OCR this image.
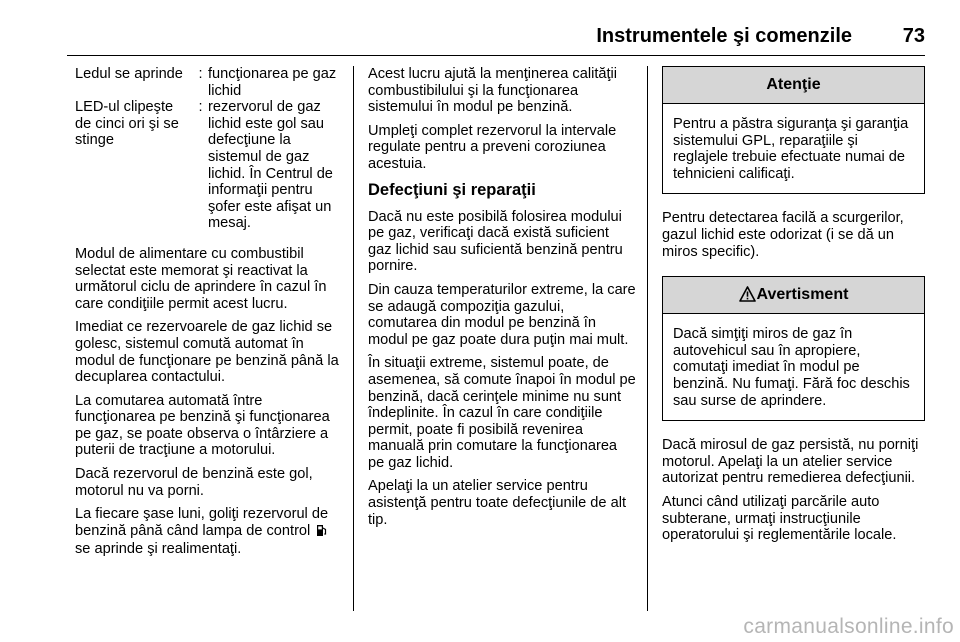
Instrumentele şi comenzile	73
Ledul se aprinde	:	funcţionarea pe gaz lichid
LED-ul clipeşte de cinci ori şi se stinge	:	rezervorul de gaz lichid este gol sau defecţiune la sistemul de gaz lichid. În Centrul de informaţii pentru şofer este afişat un mesaj.

Modul de alimentare cu combustibil selectat este memorat şi reactivat la următorul ciclu de aprindere în cazul în care condiţiile permit acest lucru.

Imediat ce rezervoarele de gaz lichid se golesc, sistemul comută automat în modul de funcţionare pe benzină până la decuplarea contactului.

La comutarea automată între funcţionarea pe benzină şi funcţionarea pe gaz, se poate observa o întârziere a puterii de tracţiune a motorului.

Dacă rezervorul de benzină este gol, motorul nu va porni.

La fiecare şase luni, goliţi rezervorul de benzină până când lampa de control  se aprinde şi realimentaţi.

Acest lucru ajută la menţinerea calităţii combustibilului şi la funcţionarea sistemului în modul pe benzină.

Umpleţi complet rezervorul la intervale regulate pentru a preveni coroziunea acestuia.

Defecţiuni şi reparaţii

Dacă nu este posibilă folosirea modului pe gaz, verificaţi dacă există suficient gaz lichid sau suficientă benzină pentru pornire.

Din cauza temperaturilor extreme, la care se adaugă compoziţia gazului, comutarea din modul pe benzină în modul pe gaz poate dura puţin mai mult.

În situaţii extreme, sistemul poate, de asemenea, să comute înapoi în modul pe benzină, dacă cerinţele minime nu sunt îndeplinite. În cazul în care condiţiile permit, poate fi posibilă revenirea manuală prin comutare la funcţionarea pe gaz lichid.

Apelaţi la un atelier service pentru asistenţă pentru toate defecţiunile de alt tip.

Atenţie
Pentru a păstra siguranţa şi garanţia sistemului GPL, reparaţiile şi reglajele trebuie efectuate numai de tehnicieni calificaţi.

Pentru detectarea facilă a scurgerilor, gazul lichid este odorizat (i se dă un miros specific).

Avertisment
Dacă simţiţi miros de gaz în autovehicul sau în apropiere, comutaţi imediat în modul pe benzină. Nu fumaţi. Fără foc deschis sau surse de aprindere.

Dacă mirosul de gaz persistă, nu porniţi motorul. Apelaţi la un atelier service autorizat pentru remedierea defecţiunii.

Atunci când utilizaţi parcările auto subterane, urmaţi instrucţiunile operatorului şi reglementările locale.

carmanualsonline.info
